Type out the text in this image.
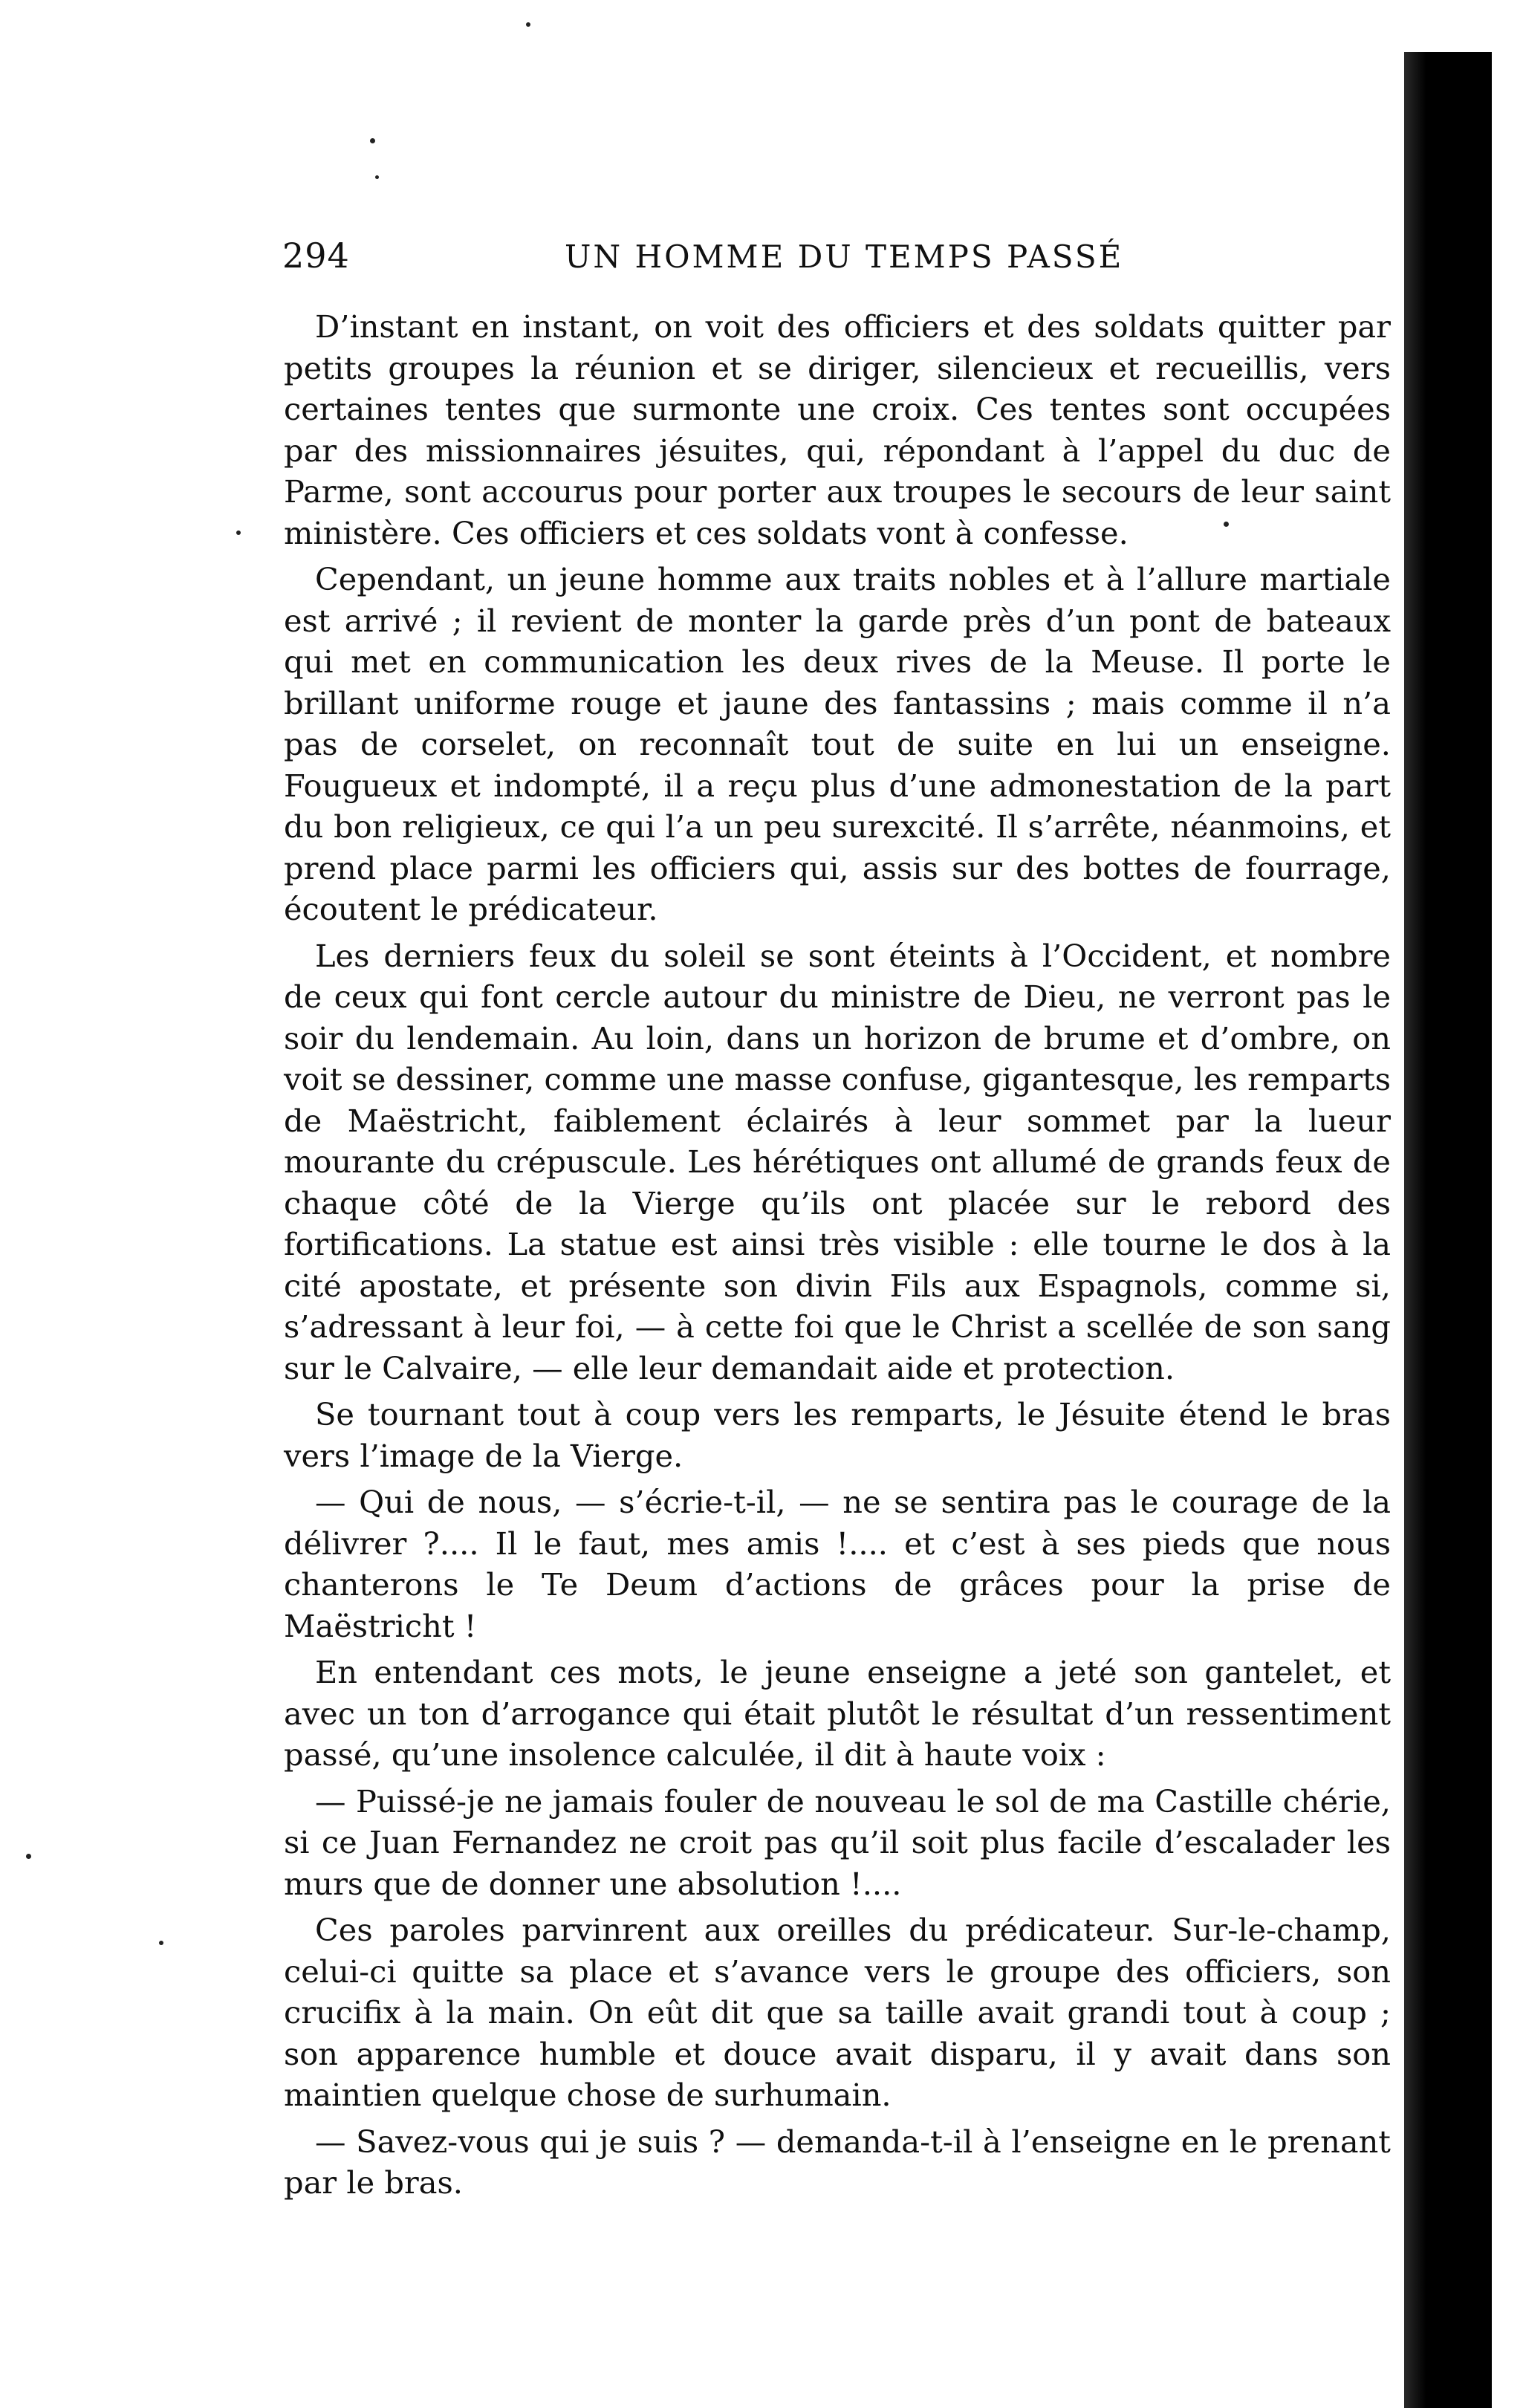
294	UN HOMME DU TEMPS PASSÉ

D’instant en instant, on voit des officiers et des soldats quitter par petits groupes la réunion et se diriger, silencieux et recueillis, vers certaines tentes que surmonte une croix. Ces tentes sont occupées par des missionnaires jésuites, qui, répondant à l’appel du duc de Parme, sont accourus pour porter aux troupes le secours de leur saint ministère. Ces officiers et ces soldats vont à confesse.

Cependant, un jeune homme aux traits nobles et à l’allure martiale est arrivé ; il revient de monter la garde près d’un pont de bateaux qui met en communication les deux rives de la Meuse. Il porte le brillant uniforme rouge et jaune des fantassins ; mais comme il n’a pas de corselet, on reconnaît tout de suite en lui un enseigne. Fougueux et indompté, il a reçu plus d’une admonestation de la part du bon religieux, ce qui l’a un peu surexcité. Il s’arrête, néanmoins, et prend place parmi les officiers qui, assis sur des bottes de fourrage, écoutent le prédicateur.

Les derniers feux du soleil se sont éteints à l’Occident, et nombre de ceux qui font cercle autour du ministre de Dieu, ne verront pas le soir du lendemain. Au loin, dans un horizon de brume et d’ombre, on voit se dessiner, comme une masse confuse, gigantesque, les remparts de Maëstricht, faiblement éclairés à leur sommet par la lueur mourante du crépuscule. Les hérétiques ont allumé de grands feux de chaque côté de la Vierge qu’ils ont placée sur le rebord des fortifications. La statue est ainsi très visible : elle tourne le dos à la cité apostate, et présente son divin Fils aux Espagnols, comme si, s’adressant à leur foi, — à cette foi que le Christ a scellée de son sang sur le Calvaire, — elle leur demandait aide et protection.

Se tournant tout à coup vers les remparts, le Jésuite étend le bras vers l’image de la Vierge.

— Qui de nous, — s’écrie-t-il, — ne se sentira pas le courage de la délivrer ?.... Il le faut, mes amis !.... et c’est à ses pieds que nous chanterons le Te Deum d’actions de grâces pour la prise de Maëstricht !

En entendant ces mots, le jeune enseigne a jeté son gantelet, et avec un ton d’arrogance qui était plutôt le résultat d’un ressentiment passé, qu’une insolence calculée, il dit à haute voix :

— Puissé-je ne jamais fouler de nouveau le sol de ma Castille chérie, si ce Juan Fernandez ne croit pas qu’il soit plus facile d’escalader les murs que de donner une absolution !....

Ces paroles parvinrent aux oreilles du prédicateur. Sur-le-champ, celui-ci quitte sa place et s’avance vers le groupe des officiers, son crucifix à la main. On eût dit que sa taille avait grandi tout à coup ; son apparence humble et douce avait disparu, il y avait dans son maintien quelque chose de surhumain.

— Savez-vous qui je suis ? — demanda-t-il à l’enseigne en le prenant par le bras.
